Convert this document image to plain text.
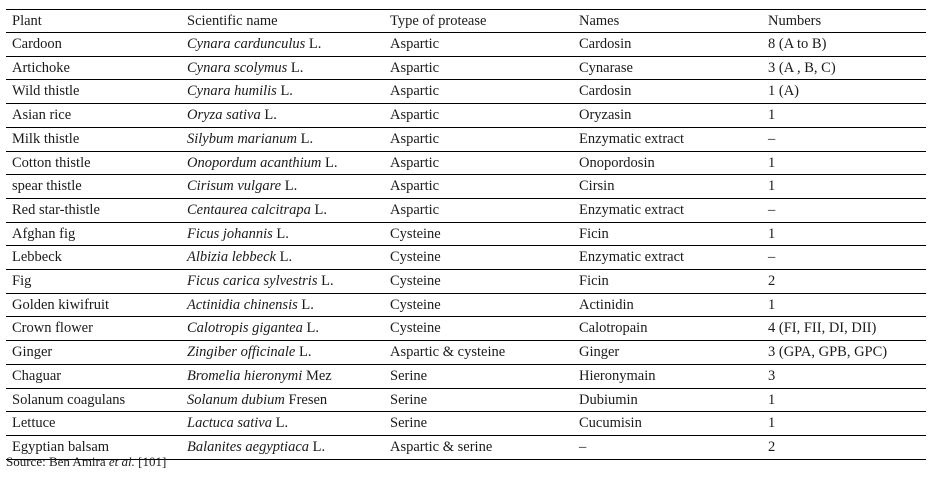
Plant	Scientific name	Type of protease	Names	Numbers
Cardoon	Cynara cardunculus L.	Aspartic	Cardosin	8 (A to B)
Artichoke	Cynara scolymus L.	Aspartic	Cynarase	3 (A , B, C)
Wild thistle	Cynara humilis L.	Aspartic	Cardosin	1 (A)
Asian rice	Oryza sativa L.	Aspartic	Oryzasin	1
Milk thistle	Silybum marianum L.	Aspartic	Enzymatic extract	–
Cotton thistle	Onopordum acanthium L.	Aspartic	Onopordosin	1
spear thistle	Cirisum vulgare L.	Aspartic	Cirsin	1
Red star-thistle	Centaurea calcitrapa L.	Aspartic	Enzymatic extract	–
Afghan fig	Ficus johannis L.	Cysteine	Ficin	1
Lebbeck	Albizia lebbeck L.	Cysteine	Enzymatic extract	–
Fig	Ficus carica sylvestris L.	Cysteine	Ficin	2
Golden kiwifruit	Actinidia chinensis L.	Cysteine	Actinidin	1
Crown flower	Calotropis gigantea L.	Cysteine	Calotropain	4 (FI, FII, DI, DII)
Ginger	Zingiber officinale L.	Aspartic & cysteine	Ginger	3 (GPA, GPB, GPC)
Chaguar	Bromelia hieronymi Mez	Serine	Hieronymain	3
Solanum coagulans	Solanum dubium Fresen	Serine	Dubiumin	1
Lettuce	Lactuca sativa L.	Serine	Cucumisin	1
Egyptian balsam	Balanites aegyptiaca L.	Aspartic & serine	–	2
Source: Ben Amira et al. [101]
